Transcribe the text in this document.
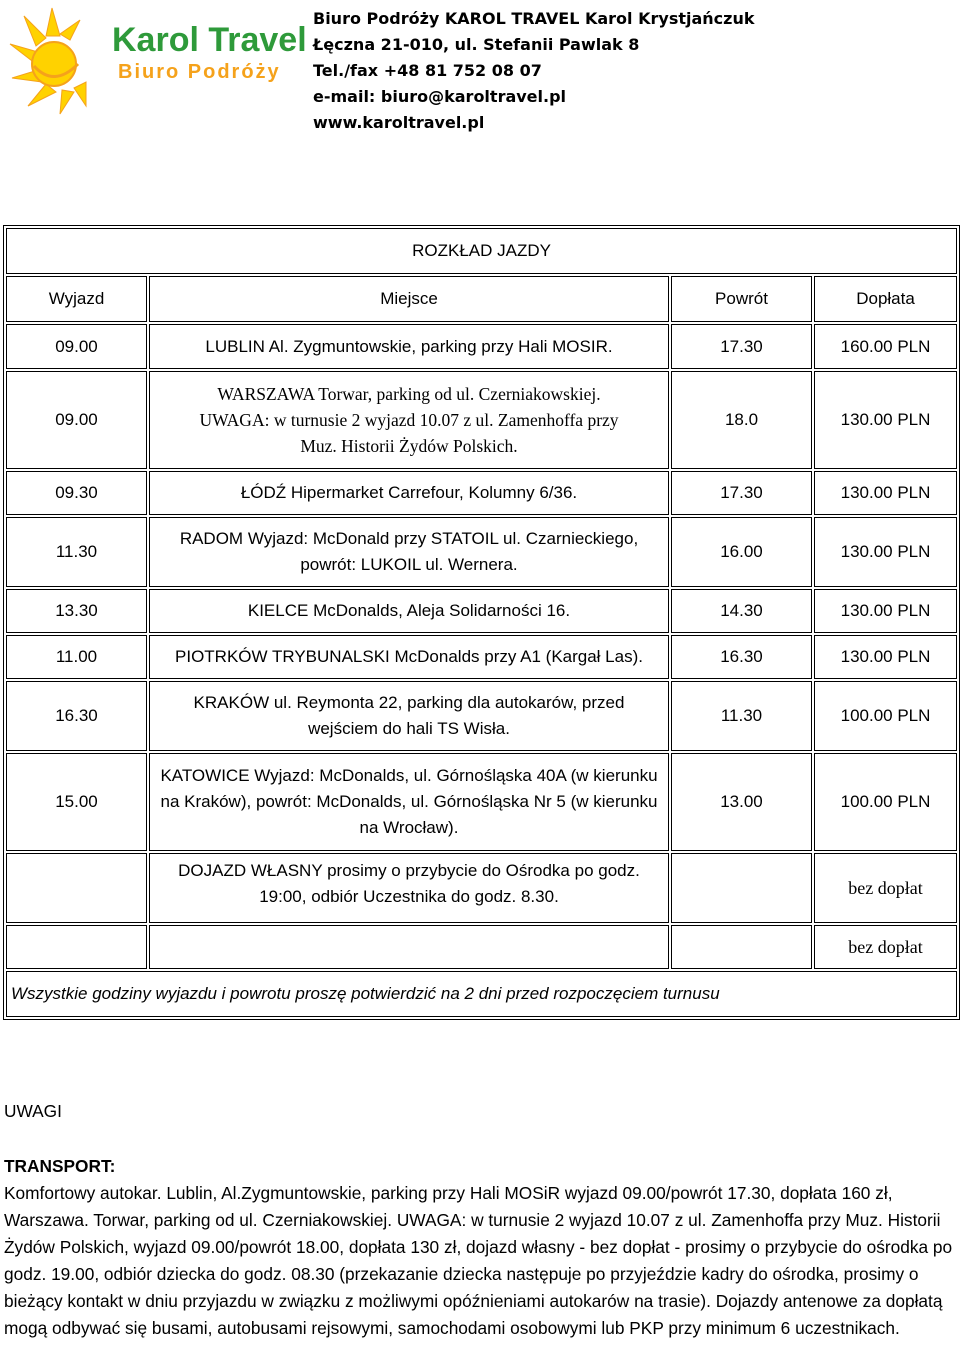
Karol Travel
Biuro Podróży
Biuro Podróży KAROL TRAVEL Karol Krystjańczuk
Łęczna 21-010, ul. Stefanii Pawlak 8
Tel./fax +48 81 752 08 07
e-mail: biuro@karoltravel.pl
www.karoltravel.pl
ROZKŁAD JAZDY			
Wyjazd	Miejsce	Powrót	Dopłata
09.00	LUBLIN Al. Zygmuntowskie, parking przy Hali MOSIR.	17.30	160.00 PLN
09.00	WARSZAWA Torwar, parking od ul. Czerniakowskiej. UWAGA: w turnusie 2 wyjazd 10.07 z ul. Zamenhoffa przy Muz. Historii Żydów Polskich.	18.0	130.00 PLN
09.30	ŁÓDŹ Hipermarket Carrefour, Kolumny 6/36.	17.30	130.00 PLN
11.30	RADOM Wyjazd: McDonald przy STATOIL ul. Czarnieckiego, powrót: LUKOIL ul. Wernera.	16.00	130.00 PLN
13.30	KIELCE McDonalds, Aleja Solidarności 16.	14.30	130.00 PLN
11.00	PIOTRKÓW TRYBUNALSKI McDonalds przy A1 (Kargał Las).	16.30	130.00 PLN
16.30	KRAKÓW ul. Reymonta 22, parking dla autokarów, przed wejściem do hali TS Wisła.	11.30	100.00 PLN
15.00	KATOWICE Wyjazd: McDonalds, ul. Górnośląska 40A (w kierunku na Kraków), powrót: McDonalds, ul. Górnośląska Nr 5 (w kierunku na Wrocław).	13.00	100.00 PLN
	DOJAZD WŁASNY prosimy o przybycie do Ośrodka po godz. 19:00, odbiór Uczestnika do godz. 8.30.		bez dopłat
			bez dopłat
Wszystkie godziny wyjazdu i powrotu proszę potwierdzić na 2 dni przed rozpoczęciem turnusu			

UWAGI

TRANSPORT:

Komfortowy autokar. Lublin, Al.Zygmuntowskie, parking przy Hali MOSiR wyjazd 09.00/powrót 17.30, dopłata 160 zł, Warszawa. Torwar, parking od ul. Czerniakowskiej. UWAGA: w turnusie 2 wyjazd 10.07 z ul. Zamenhoffa przy Muz. Historii Żydów Polskich, wyjazd 09.00/powrót 18.00, dopłata 130 zł, dojazd własny - bez dopłat - prosimy o przybycie do ośrodka po godz. 19.00, odbiór dziecka do godz. 08.30 (przekazanie dziecka następuje po przyjeździe kadry do ośrodka, prosimy o bieżący kontakt w dniu przyjazdu w związku z możliwymi opóźnieniami autokarów na trasie). Dojazdy antenowe za dopłatą mogą odbywać się busami, autobusami rejsowymi, samochodami osobowymi lub PKP przy minimum 6 uczestnikach.
